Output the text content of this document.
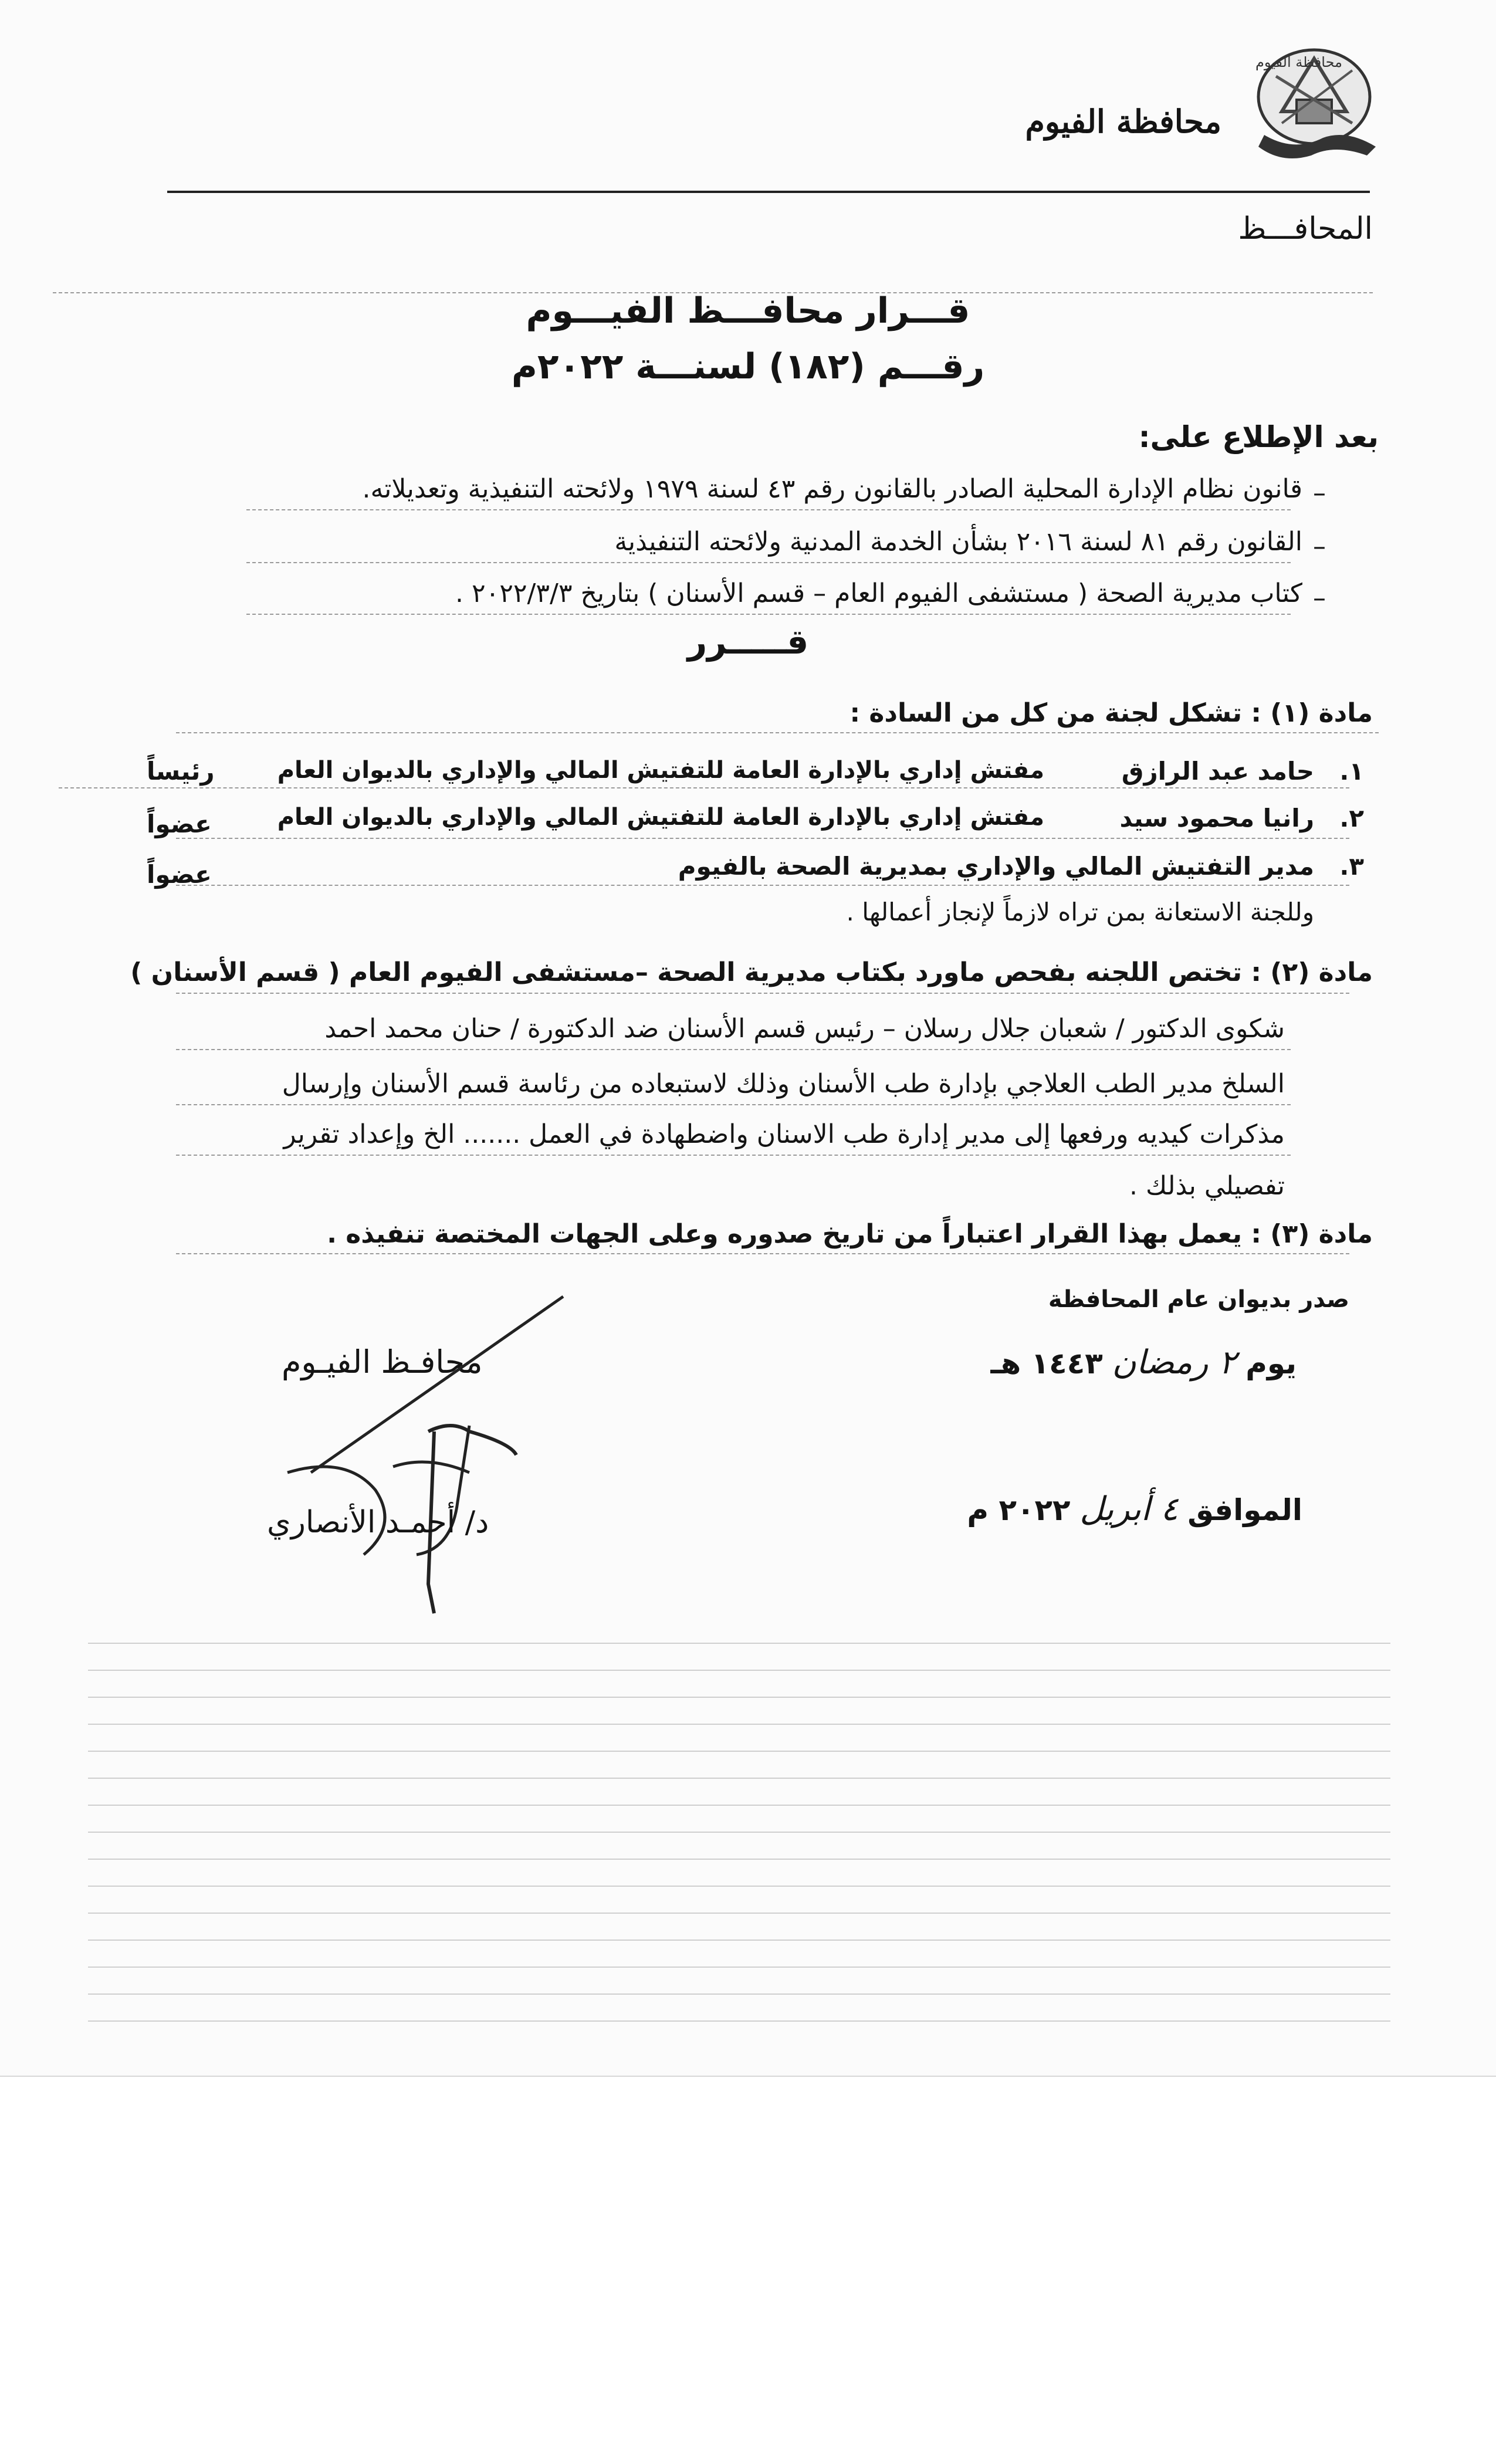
محافظة الفيوم
محافظة الفيوم
المحافـــظ
قـــرار محافـــظ الفيـــوم
رقـــم (١٨٢) لسنـــة ٢٠٢٢م
بعد الإطلاع على:
–
قانون نظام الإدارة المحلية الصادر بالقانون رقم ٤٣ لسنة ١٩٧٩ ولائحته التنفيذية وتعديلاته.
–
القانون رقم ٨١ لسنة ٢٠١٦ بشأن الخدمة المدنية ولائحته التنفيذية
–
كتاب مديرية الصحة ( مستشفى الفيوم العام – قسم الأسنان ) بتاريخ ٢٠٢٢/٣/٣ .
قـــــرر
مادة (١) : تشكل لجنة من كل من السادة :
١.
حامد عبد الرازق
مفتش إداري بالإدارة العامة للتفتيش المالي والإداري بالديوان العام
رئيساً
٢.
رانيا محمود سيد
مفتش إداري بالإدارة العامة للتفتيش المالي والإداري بالديوان العام
عضواً
٣.
مدير التفتيش المالي والإداري بمديرية الصحة بالفيوم
عضواً
وللجنة الاستعانة بمن تراه لازماً لإنجاز أعمالها .
مادة (٢) : تختص اللجنه بفحص ماورد بكتاب مديرية الصحة –مستشفى الفيوم العام ( قسم الأسنان )
شكوى الدكتور / شعبان جلال رسلان – رئيس قسم الأسنان ضد الدكتورة / حنان محمد احمد
السلخ مدير الطب العلاجي بإدارة طب الأسنان وذلك لاستبعاده من رئاسة قسم الأسنان وإرسال
مذكرات كيديه ورفعها إلى مدير إدارة طب الاسنان واضطهادة في العمل ....... الخ وإعداد تقرير
تفصيلي بذلك .
مادة (٣) : يعمل بهذا القرار اعتباراً من تاريخ صدوره وعلى الجهات المختصة تنفيذه .
صدر بديوان عام المحافظة
يوم ٢ رمضان ١٤٤٣ هـ
الموافق ٤ أبريل ٢٠٢٢ م
محافـظ الفيـوم
د/ أحمـد الأنصاري
